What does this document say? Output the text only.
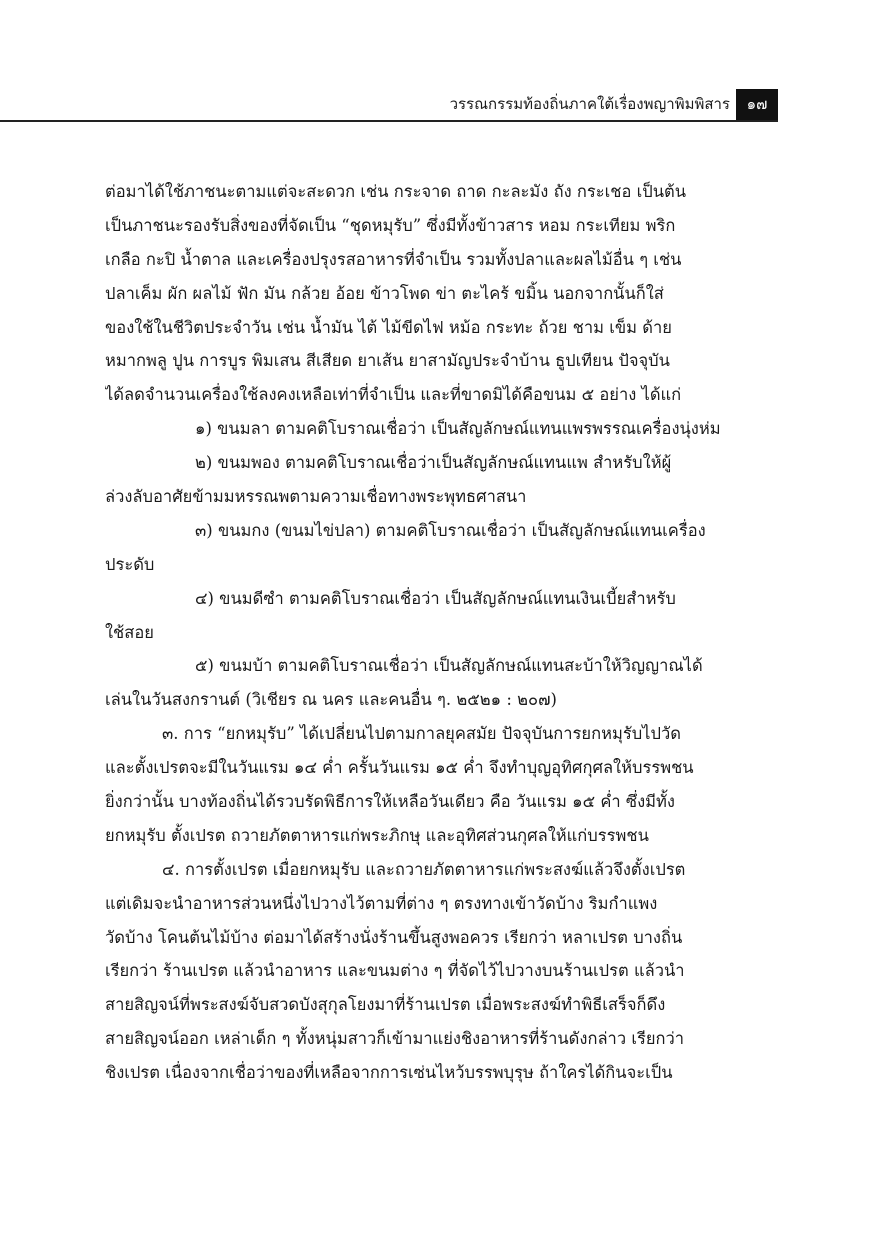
วรรณกรรมท้องถิ่นภาคใต้เรื่องพญาพิมพิสาร	๑๗
ต่อมาได้ใช้ภาชนะตามแต่จะสะดวก เช่น กระจาด ถาด กะละมัง ถัง กระเชอ เป็นต้น
เป็นภาชนะรองรับสิ่งของที่จัดเป็น “ชุดหมุรับ” ซึ่งมีทั้งข้าวสาร หอม กระเทียม พริก
เกลือ กะปิ น้ำตาล และเครื่องปรุงรสอาหารที่จำเป็น รวมทั้งปลาและผลไม้อื่น ๆ เช่น
ปลาเค็ม ผัก ผลไม้ ฟัก มัน กล้วย อ้อย ข้าวโพด ข่า ตะไคร้ ขมิ้น นอกจากนั้นก็ใส่
ของใช้ในชีวิตประจำวัน เช่น น้ำมัน ไต้ ไม้ขีดไฟ หม้อ กระทะ ถ้วย ชาม เข็ม ด้าย
หมากพลู ปูน การบูร พิมเสน สีเสียด ยาเส้น ยาสามัญประจำบ้าน ธูปเทียน ปัจจุบัน
ได้ลดจำนวนเครื่องใช้ลงคงเหลือเท่าที่จำเป็น และที่ขาดมิได้คือขนม ๕ อย่าง ได้แก่
๑) ขนมลา ตามคติโบราณเชื่อว่า เป็นสัญลักษณ์แทนแพรพรรณเครื่องนุ่งห่ม
๒) ขนมพอง ตามคติโบราณเชื่อว่าเป็นสัญลักษณ์แทนแพ สำหรับให้ผู้
ล่วงลับอาศัยข้ามมหรรณพตามความเชื่อทางพระพุทธศาสนา
๓) ขนมกง (ขนมไข่ปลา) ตามคติโบราณเชื่อว่า เป็นสัญลักษณ์แทนเครื่อง
ประดับ
๔) ขนมดีซำ ตามคติโบราณเชื่อว่า เป็นสัญลักษณ์แทนเงินเบี้ยสำหรับ
ใช้สอย
๕) ขนมบ้า ตามคติโบราณเชื่อว่า เป็นสัญลักษณ์แทนสะบ้าให้วิญญาณได้
เล่นในวันสงกรานต์ (วิเชียร ณ นคร และคนอื่น ๆ. ๒๕๒๑ : ๒๐๗)
๓. การ “ยกหมุรับ” ได้เปลี่ยนไปตามกาลยุคสมัย ปัจจุบันการยกหมุรับไปวัด
และตั้งเปรตจะมีในวันแรม ๑๔ ค่ำ ครั้นวันแรม ๑๕ ค่ำ จึงทำบุญอุทิศกุศลให้บรรพชน
ยิ่งกว่านั้น บางท้องถิ่นได้รวบรัดพิธีการให้เหลือวันเดียว คือ วันแรม ๑๕ ค่ำ ซึ่งมีทั้ง
ยกหมุรับ ตั้งเปรต ถวายภัตตาหารแก่พระภิกษุ และอุทิศส่วนกุศลให้แก่บรรพชน
๔. การตั้งเปรต เมื่อยกหมุรับ และถวายภัตตาหารแก่พระสงฆ์แล้วจึงตั้งเปรต
แต่เดิมจะนำอาหารส่วนหนึ่งไปวางไว้ตามที่ต่าง ๆ ตรงทางเข้าวัดบ้าง ริมกำแพง
วัดบ้าง โคนต้นไม้บ้าง ต่อมาได้สร้างนั่งร้านขึ้นสูงพอควร เรียกว่า หลาเปรต บางถิ่น
เรียกว่า ร้านเปรต แล้วนำอาหาร และขนมต่าง ๆ ที่จัดไว้ไปวางบนร้านเปรต แล้วนำ
สายสิญจน์ที่พระสงฆ์จับสวดบังสุกุลโยงมาที่ร้านเปรต เมื่อพระสงฆ์ทำพิธีเสร็จก็ดึง
สายสิญจน์ออก เหล่าเด็ก ๆ ทั้งหนุ่มสาวก็เข้ามาแย่งชิงอาหารที่ร้านดังกล่าว เรียกว่า
ชิงเปรต เนื่องจากเชื่อว่าของที่เหลือจากการเซ่นไหว้บรรพบุรุษ ถ้าใครได้กินจะเป็น
